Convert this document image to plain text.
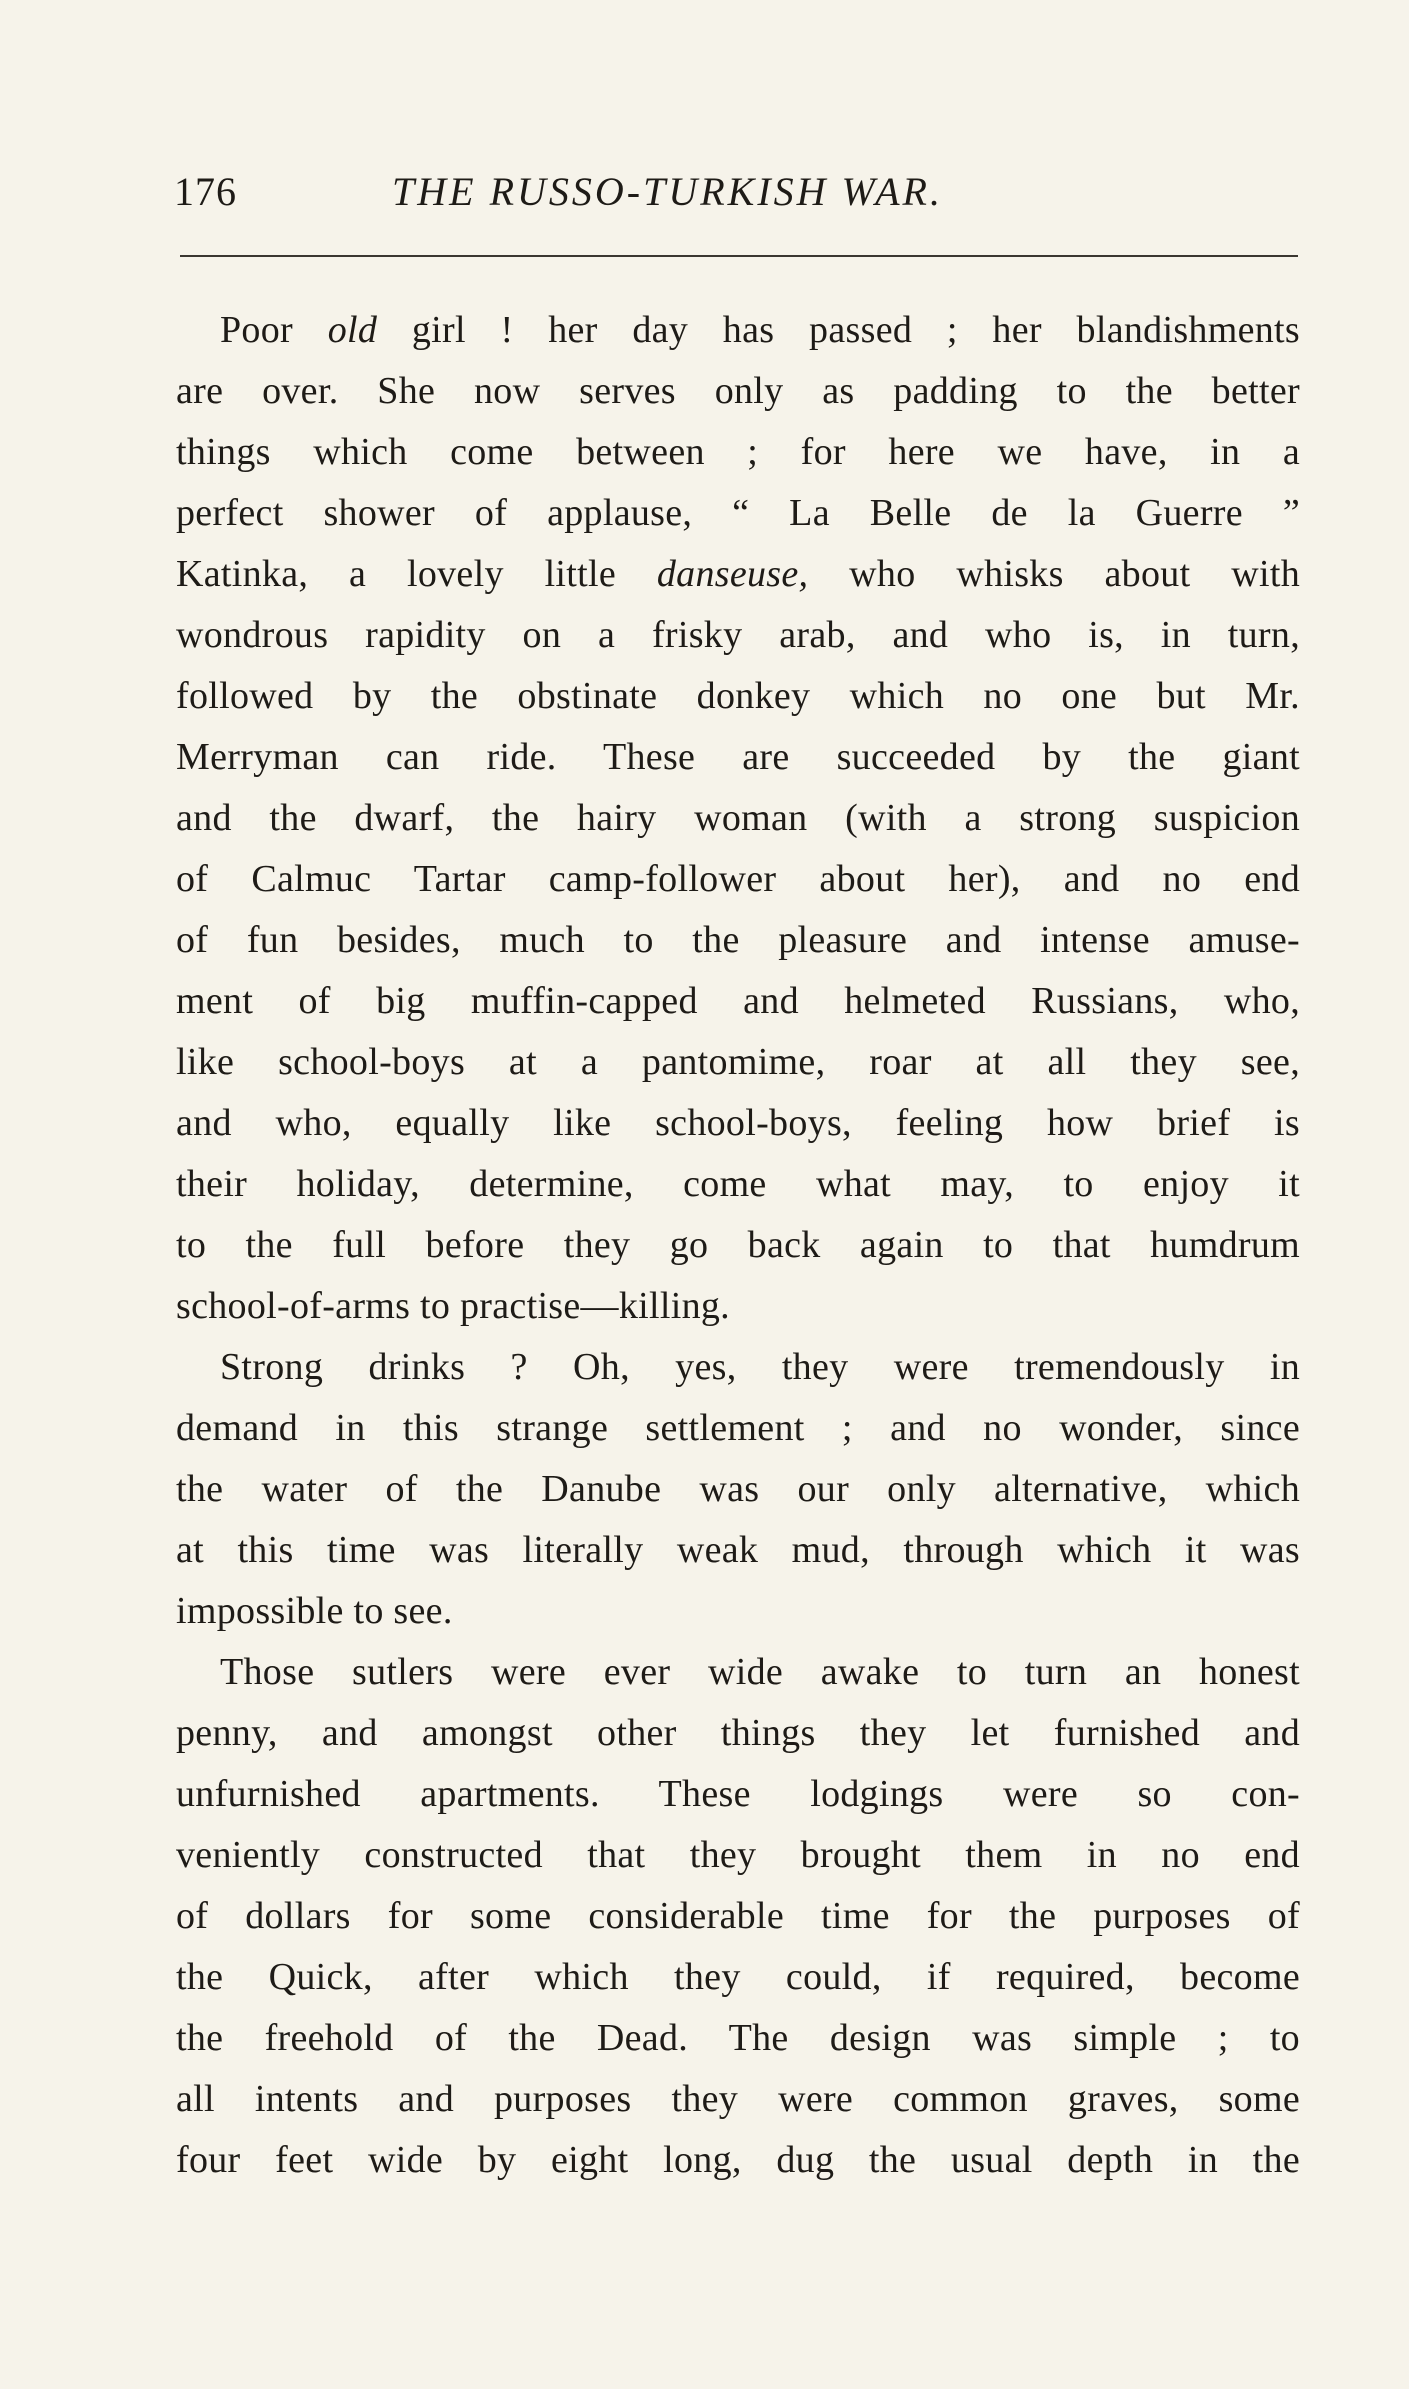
176	THE RUSSO-TURKISH WAR.
Poor old girl ! her day has passed ; her blandishments
are over. She now serves only as padding to the better
things which come between ; for here we have, in a
perfect shower of applause, “ La Belle de la Guerre ”
Katinka, a lovely little danseuse, who whisks about with
wondrous rapidity on a frisky arab, and who is, in turn,
followed by the obstinate donkey which no one but Mr.
Merryman can ride. These are succeeded by the giant
and the dwarf, the hairy woman (with a strong suspicion
of Calmuc Tartar camp-follower about her), and no end
of fun besides, much to the pleasure and intense amuse-
ment of big muffin-capped and helmeted Russians, who,
like school-boys at a pantomime, roar at all they see,
and who, equally like school-boys, feeling how brief is
their holiday, determine, come what may, to enjoy it
to the full before they go back again to that humdrum
school-of-arms to practise—killing.
Strong drinks ? Oh, yes, they were tremendously in
demand in this strange settlement ; and no wonder, since
the water of the Danube was our only alternative, which
at this time was literally weak mud, through which it was
impossible to see.
Those sutlers were ever wide awake to turn an honest
penny, and amongst other things they let furnished and
unfurnished apartments. These lodgings were so con-
veniently constructed that they brought them in no end
of dollars for some considerable time for the purposes of
the Quick, after which they could, if required, become
the freehold of the Dead. The design was simple ; to
all intents and purposes they were common graves, some
four feet wide by eight long, dug the usual depth in the
